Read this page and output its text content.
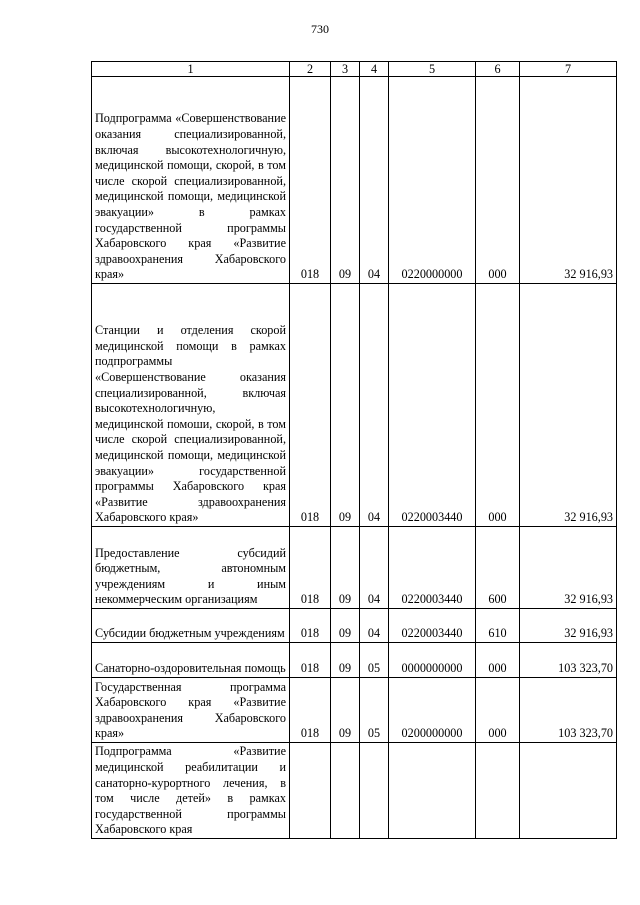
730
1	2	3	4	5	6	7
Подпрограмма «Совершенствование оказания специализированной, включая высокотехнологичную, медицинской помощи, скорой, в том числе скорой специализированной, медицинской помощи, медицинской эвакуации» в рамках государственной программы Хабаровского края «Развитие здравоохранения Хабаровского края»	018	09	04	0220000000	000	32 916,93
Станции и отделения скорой медицинской помощи в рамках подпрограммы «Совершенствование оказания специализированной, включая высокотехнологичную, медицинской помоши, скорой, в том числе скорой специализированной, медицинской помощи, медицинской эвакуации» государственной программы Хабаровского края «Развитие здравоохранения Хабаровского края»	018	09	04	0220003440	000	32 916,93
Предоставление субсидий бюджетным, автономным учреждениям и иным некоммерческим организациям	018	09	04	0220003440	600	32 916,93
Субсидии бюджетным учреждениям	018	09	04	0220003440	610	32 916,93
Санаторно-оздоровительная помощь	018	09	05	0000000000	000	103 323,70
Государственная программа Хабаровского края «Развитие здравоохранения Хабаровского края»	018	09	05	0200000000	000	103 323,70
Подпрограмма «Развитие медицинской реабилитации и санаторно-курортного лечения, в том числе детей» в рамках государственной программы Хабаровского края						
